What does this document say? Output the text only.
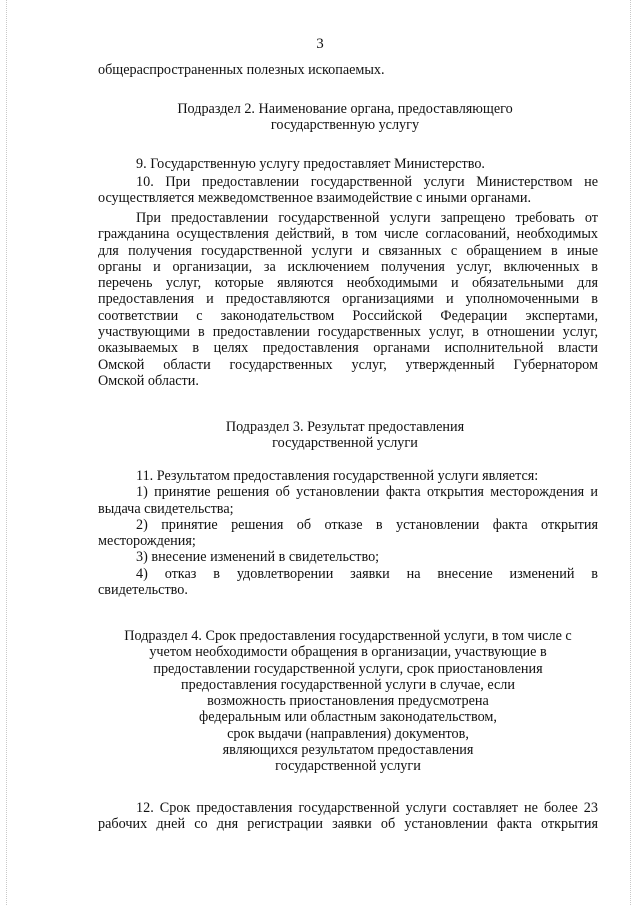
3

общераспространенных полезных ископаемых.

Подраздел 2. Наименование органа, предоставляющего
государственную услугу

9. Государственную услугу предоставляет Министерство.

10. При предоставлении государственной услуги Министерством не
осуществляется межведомственное взаимодействие с иными органами.
При предоставлении государственной услуги запрещено требовать от
гражданина осуществления действий, в том числе согласований, необходимых
для получения государственной услуги и связанных с обращением в иные
органы и организации, за исключением получения услуг, включенных в
перечень услуг, которые являются необходимыми и обязательными для
предоставления и предоставляются организациями и уполномоченными в
соответствии с законодательством Российской Федерации экспертами,
участвующими в предоставлении государственных услуг, в отношении услуг,
оказываемых в целях предоставления органами исполнительной власти
Омской области государственных услуг, утвержденный Губернатором
Омской области.
Подраздел 3. Результат предоставления
государственной услуги
11. Результатом предоставления государственной услуги является:
1) принятие решения об установлении факта открытия месторождения и
выдача свидетельства;
2) принятие решения об отказе в установлении факта открытия
месторождения;
3) внесение изменений в свидетельство;
4) отказ в удовлетворении заявки на внесение изменений в
свидетельство.
Подраздел 4. Срок предоставления государственной услуги, в том числе с
учетом необходимости обращения в организации, участвующие в
предоставлении государственной услуги, срок приостановления
предоставления государственной услуги в случае, если
возможность приостановления предусмотрена
федеральным или областным законодательством,
срок выдачи (направления) документов,
являющихся результатом предоставления
государственной услуги
12. Срок предоставления государственной услуги составляет не более 23
рабочих дней со дня регистрации заявки об установлении факта открытия
